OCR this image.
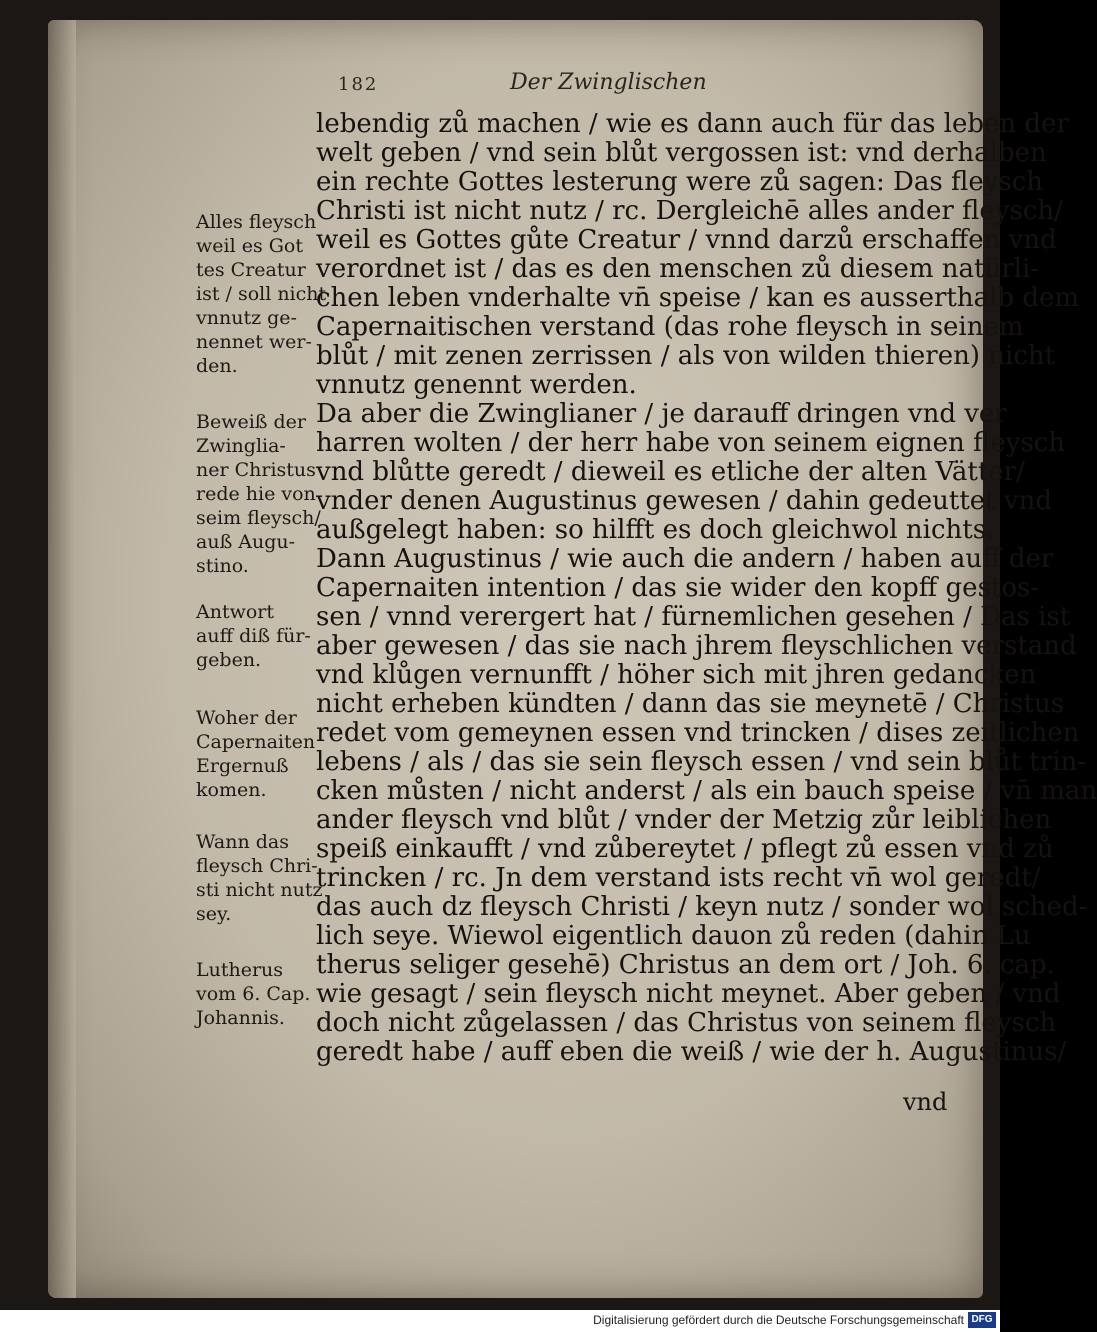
182	Der Zwinglischen
lebendig zů machen / wie es dann auch für das leben der
welt geben / vnd sein blůt vergossen ist: vnd derhalben
ein rechte Gottes lesterung were zů sagen: Das fleysch
Christi ist nicht nutz / rc. Dergleichē alles ander fleysch/
weil es Gottes gůte Creatur / vnnd darzů erschaffen vnd
verordnet ist / das es den menschen zů diesem natürli-
chen leben vnderhalte vn̄ speise / kan es ausserthalb dem
Capernaitischen verstand (das rohe fleysch in seinem
blůt / mit zenen zerrissen / als von wilden thieren) nicht
vnnutz genennt werden.
Da aber die Zwinglianer / je darauff dringen vnd ver
harren wolten / der herr habe von seinem eignen fleysch
vnd blůtte geredt / dieweil es etliche der alten Vätter/
vnder denen Augustinus gewesen / dahin gedeuttet vnd
außgelegt haben: so hilfft es doch gleichwol nichts.
Dann Augustinus / wie auch die andern / haben auff der
Capernaiten intention / das sie wider den kopff gestos-
sen / vnnd verergert hat / fürnemlichen gesehen / Das ist
aber gewesen / das sie nach jhrem fleyschlichen verstand
vnd klůgen vernunfft / höher sich mit jhren gedancken
nicht erheben kündten / dann das sie meynetē / Christus
redet vom gemeynen essen vnd trincken / dises zeitlichen
lebens / als / das sie sein fleysch essen / vnd sein blůt trin-
cken můsten / nicht anderst / als ein bauch speise / vn̄ man
ander fleysch vnd blůt / vnder der Metzig zůr leiblichen
speiß einkaufft / vnd zůbereytet / pflegt zů essen vnd zů
trincken / rc. Jn dem verstand ists recht vn̄ wol geredt/
das auch dz fleysch Christi / keyn nutz / sonder wol sched-
lich seye. Wiewol eigentlich dauon zů reden (dahin Lu
therus seliger gesehē) Christus an dem ort / Joh. 6. cap.
wie gesagt / sein fleysch nicht meynet. Aber geben / vnd
doch nicht zůgelassen / das Christus von seinem fleysch
geredt habe / auff eben die weiß / wie der h. Augustinus/
Alles fleysch
weil es Got
tes Creatur
ist / soll nicht
vnnutz ge-
nennet wer-
den.
Beweiß der
Zwinglia-
ner Christus
rede hie von
seim fleysch/
auß Augu-
stino.
Antwort
auff diß für-
geben.
Woher der
Capernaiten
Ergernuß
komen.
Wann das
fleysch Chri-
sti nicht nutz
sey.
Lutherus
vom 6. Cap.
Johannis.
vnd
Digitalisierung gefördert durch die Deutsche Forschungsgemeinschaft DFG
